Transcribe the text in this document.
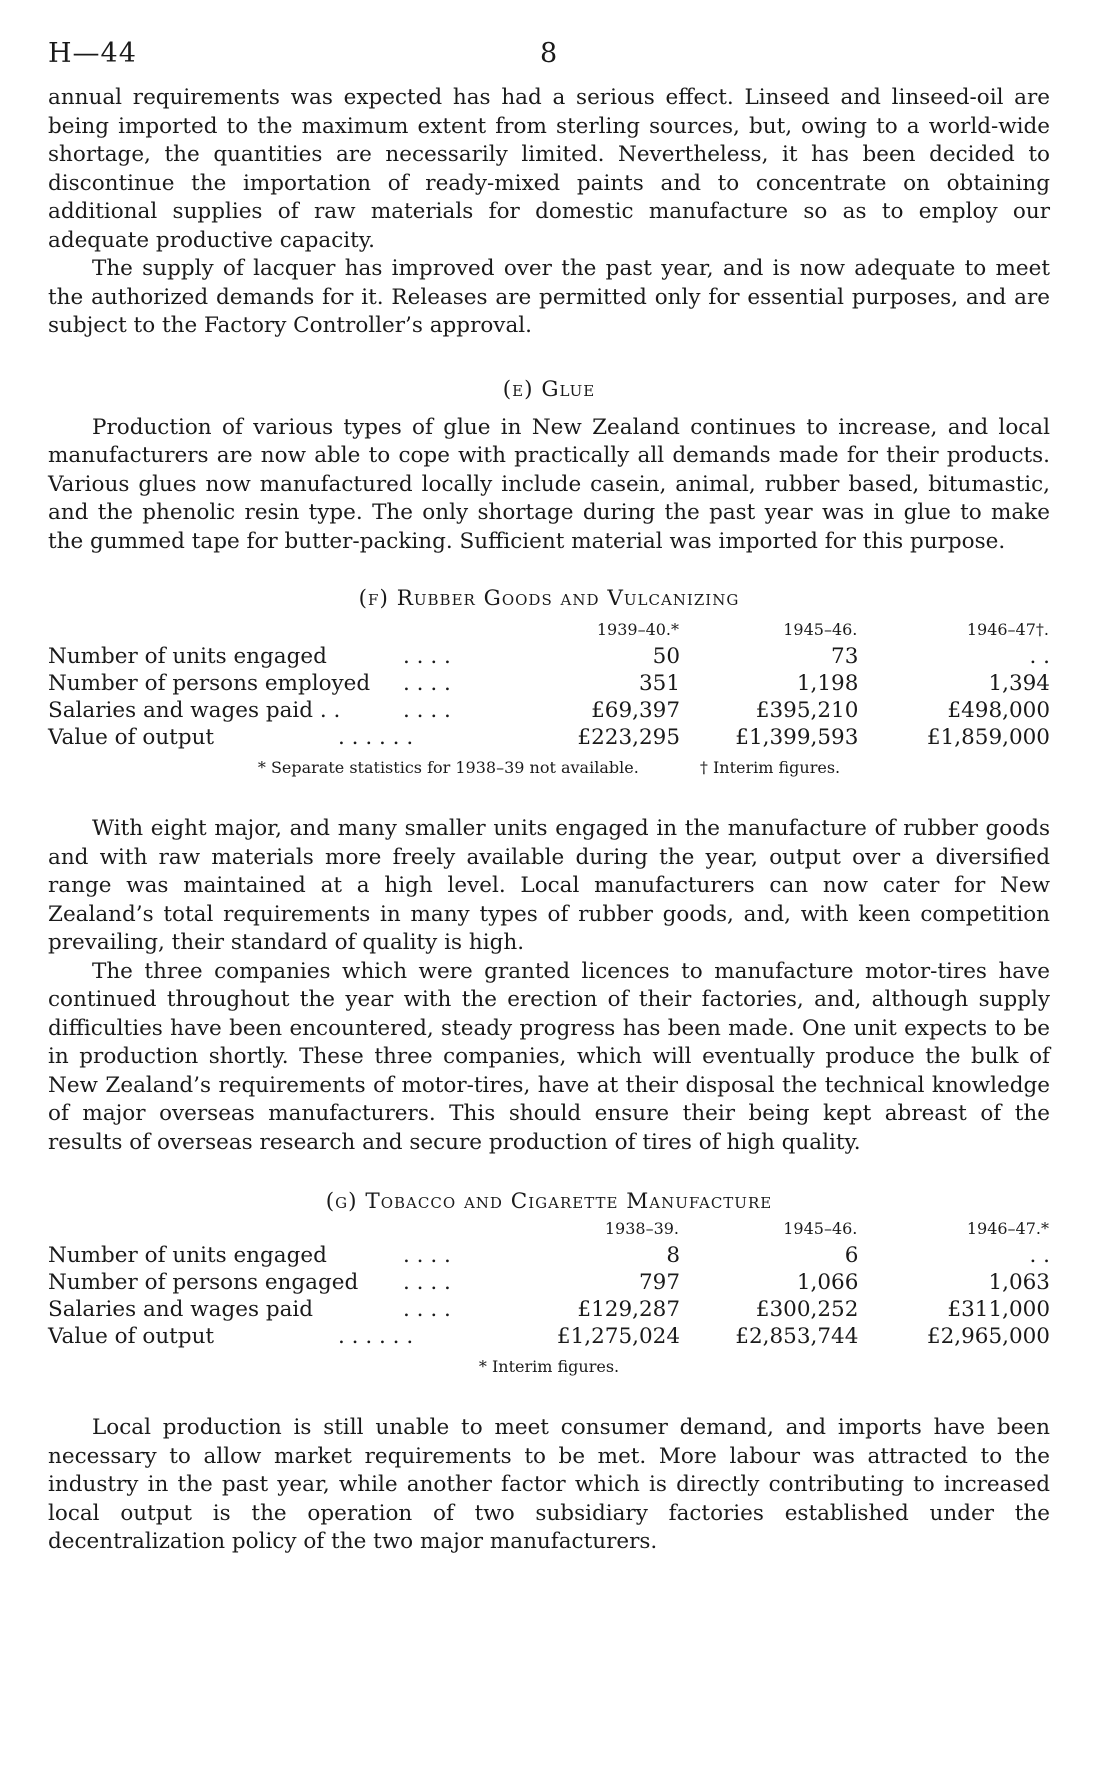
H—44	8

annual requirements was expected has had a serious effect. Linseed and linseed-oil are being imported to the maximum extent from sterling sources, but, owing to a world-wide shortage, the quantities are necessarily limited. Nevertheless, it has been decided to discontinue the importation of ready-mixed paints and to concentrate on obtaining additional supplies of raw materials for domestic manufacture so as to employ our adequate productive capacity.

The supply of lacquer has improved over the past year, and is now adequate to meet the authorized demands for it. Releases are permitted only for essential purposes, and are subject to the Factory Controller’s approval.

(e) Glue

Production of various types of glue in New Zealand continues to increase, and local manufacturers are now able to cope with practically all demands made for their products. Various glues now manufactured locally include casein, animal, rubber based, bitumastic, and the phenolic resin type. The only shortage during the past year was in glue to make the gummed tape for butter-packing. Sufficient material was imported for this purpose.

(f) Rubber Goods and Vulcanizing
	1939–40.*	1945–46.	1946–47†.
Number of units engaged . . . .	50	73	. .
Number of persons employed . . . .	351	1,198	1,394
Salaries and wages paid . . . . . .	£69,397	£395,210	£498,000
Value of output . . . . . .	£223,295	£1,399,593	£1,859,000
* Separate statistics for 1938–39 not available.	† Interim figures.

With eight major, and many smaller units engaged in the manufacture of rubber goods and with raw materials more freely available during the year, output over a diversified range was maintained at a high level. Local manufacturers can now cater for New Zealand’s total requirements in many types of rubber goods, and, with keen competition prevailing, their standard of quality is high.

The three companies which were granted licences to manufacture motor-tires have continued throughout the year with the erection of their factories, and, although supply difficulties have been encountered, steady progress has been made. One unit expects to be in production shortly. These three companies, which will eventually produce the bulk of New Zealand’s requirements of motor-tires, have at their disposal the technical knowledge of major overseas manufacturers. This should ensure their being kept abreast of the results of overseas research and secure production of tires of high quality.

(g) Tobacco and Cigarette Manufacture
	1938–39.	1945–46.	1946–47.*
Number of units engaged . . . .	8	6	. .
Number of persons engaged . . . .	797	1,066	1,063
Salaries and wages paid . . . .	£129,287	£300,252	£311,000
Value of output . . . . . .	£1,275,024	£2,853,744	£2,965,000
* Interim figures.

Local production is still unable to meet consumer demand, and imports have been necessary to allow market requirements to be met. More labour was attracted to the industry in the past year, while another factor which is directly contributing to increased local output is the operation of two subsidiary factories established under the decentralization policy of the two major manufacturers.
